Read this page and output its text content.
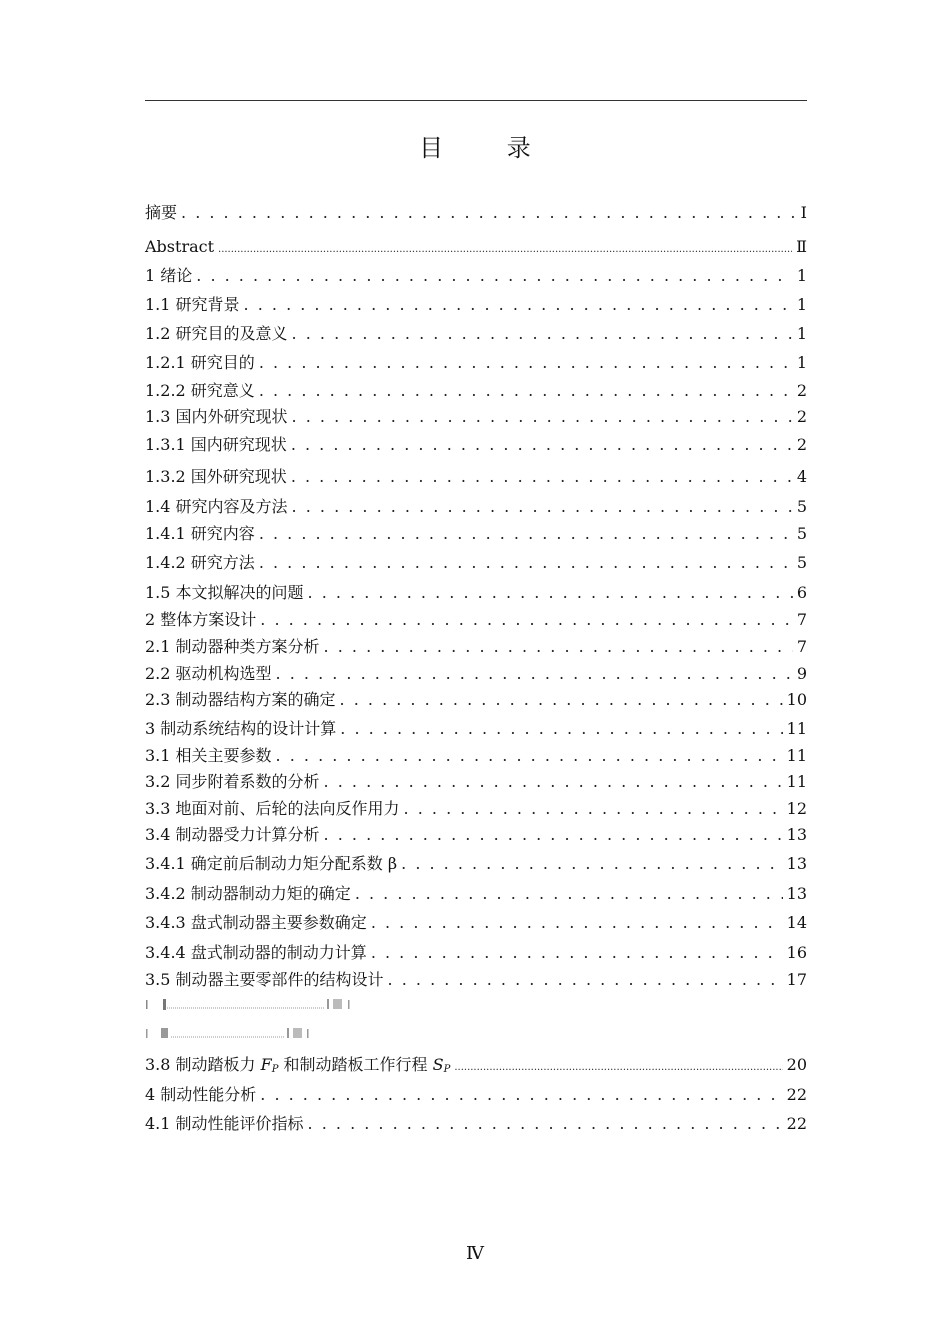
目 录
摘要 . . .	I
Abstract .....	Ⅱ
1 绪论 . . .	1
1.1 研究背景 . . .	1
1.2 研究目的及意义 . . .	1
1.2.1 研究目的 . . .	1
1.2.2 研究意义 . . .	2
1.3 国内外研究现状 . . .	2
1.3.1 国内研究现状 . . .	2
1.3.2 国外研究现状 . . .	4
1.4 研究内容及方法 . . .	5
1.4.1 研究内容 . . .	5
1.4.2 研究方法 . . .	5
1.5 本文拟解决的问题 . . .	6
2 整体方案设计 . . .	7
2.1 制动器种类方案分析 . . .	7
2.2 驱动机构选型 . . .	9
2.3 制动器结构方案的确定 . . .	10
3 制动系统结构的设计计算 . . .	11
3.1 相关主要参数 . . .	11
3.2 同步附着系数的分析 . . .	11
3.3 地面对前、后轮的法向反作用力 . . .	12
3.4 制动器受力计算分析 . . .	13
3.4.1 确定前后制动力矩分配系数 β . . .	13
3.4.2 制动器制动力矩的确定 . . .	13
3.4.3 盘式制动器主要参数确定 . . .	14
3.4.4 盘式制动器的制动力计算 . . .	16
3.5 制动器主要零部件的结构设计 . . .	17
3.8 制动踏板力 $F_P$ 和制动踏板工作行程 $S_P$ .....	20
4 制动性能分析 . . .	22
4.1 制动性能评价指标 . . .	22
Ⅳ
